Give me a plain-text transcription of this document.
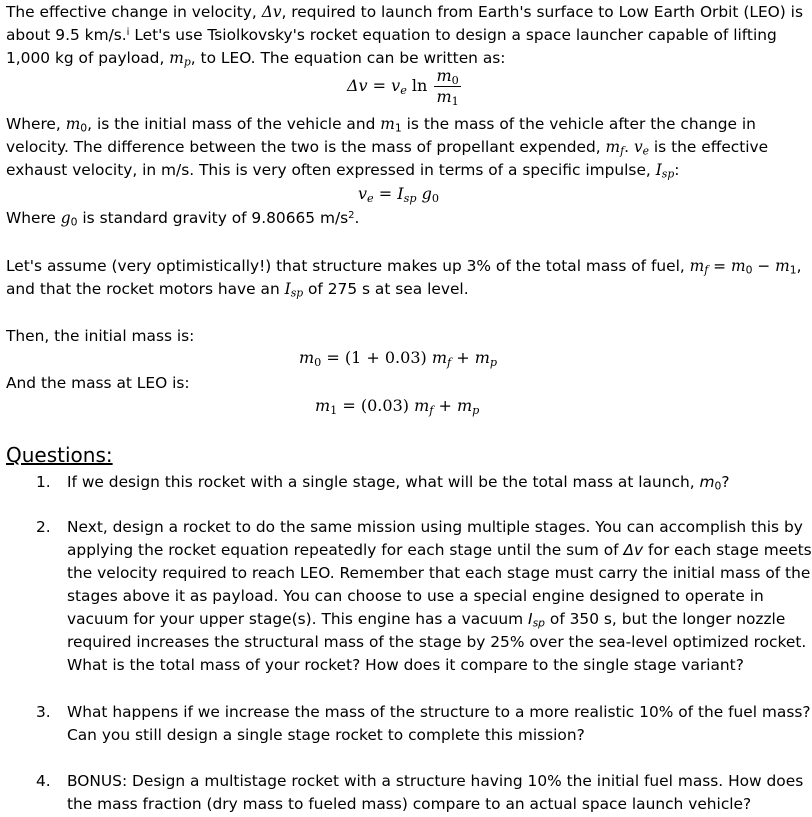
The effective change in velocity, Δv, required to launch from Earth's surface to Low Earth Orbit (LEO) is
about 9.5 km/s.$^i$ Let's use Tsiolkovsky's rocket equation to design a space launcher capable of lifting
1,000 kg of payload, $m_p$, to LEO. The equation can be written as:
$\Delta v = v_e$ $\ln \frac{m_0}{m_1}$
Where, $m_0$, is the initial mass of the vehicle and $m_1$ is the mass of the vehicle after the change in
velocity. The difference between the two is the mass of propellant expended, $m_f$. $v_e$ is the effective
exhaust velocity, in m/s. This is very often expressed in terms of a specific impulse, $I_{sp}$:
$v_e = I_{sp}$ $g_0$
Where $g_0$ is standard gravity of 9.80665 $m/s^2$.
Let's assume (very optimistically!) that structure makes up 3% of the total mass of fuel, $m_f = m_0 - m_1$,
and that the rocket motors have an $I_{sp}$ of 275 s at sea level.
Then, the initial mass is:
$m_0 = (1 + 0.03) m_f + m_p$
And the mass at LEO is:
$m_1 = (0.03) m_f + m_p$
Questions:
1. If we design this rocket with a single stage, what will be the total mass at launch, $m_0$?
2. Next, design a rocket to do the same mission using multiple stages. You can accomplish this by
applying the rocket equation repeatedly for each stage until the sum of Δv for each stage meets
the velocity required to reach LEO. Remember that each stage must carry the initial mass of the
stages above it as payload. You can choose to use a special engine designed to operate in
vacuum for your upper stage(s). This engine has a vacuum $I_{sp}$ of 350 s, but the longer nozzle
required increases the structural mass of the stage by 25% over the sea-level optimized rocket.
What is the total mass of your rocket? How does it compare to the single stage variant?
3. What happens if we increase the mass of the structure to a more realistic 10% of the fuel mass?
Can you still design a single stage rocket to complete this mission?
4. BONUS: Design a multistage rocket with a structure having 10% the initial fuel mass. How does
the mass fraction (dry mass to fueled mass) compare to an actual space launch vehicle?
